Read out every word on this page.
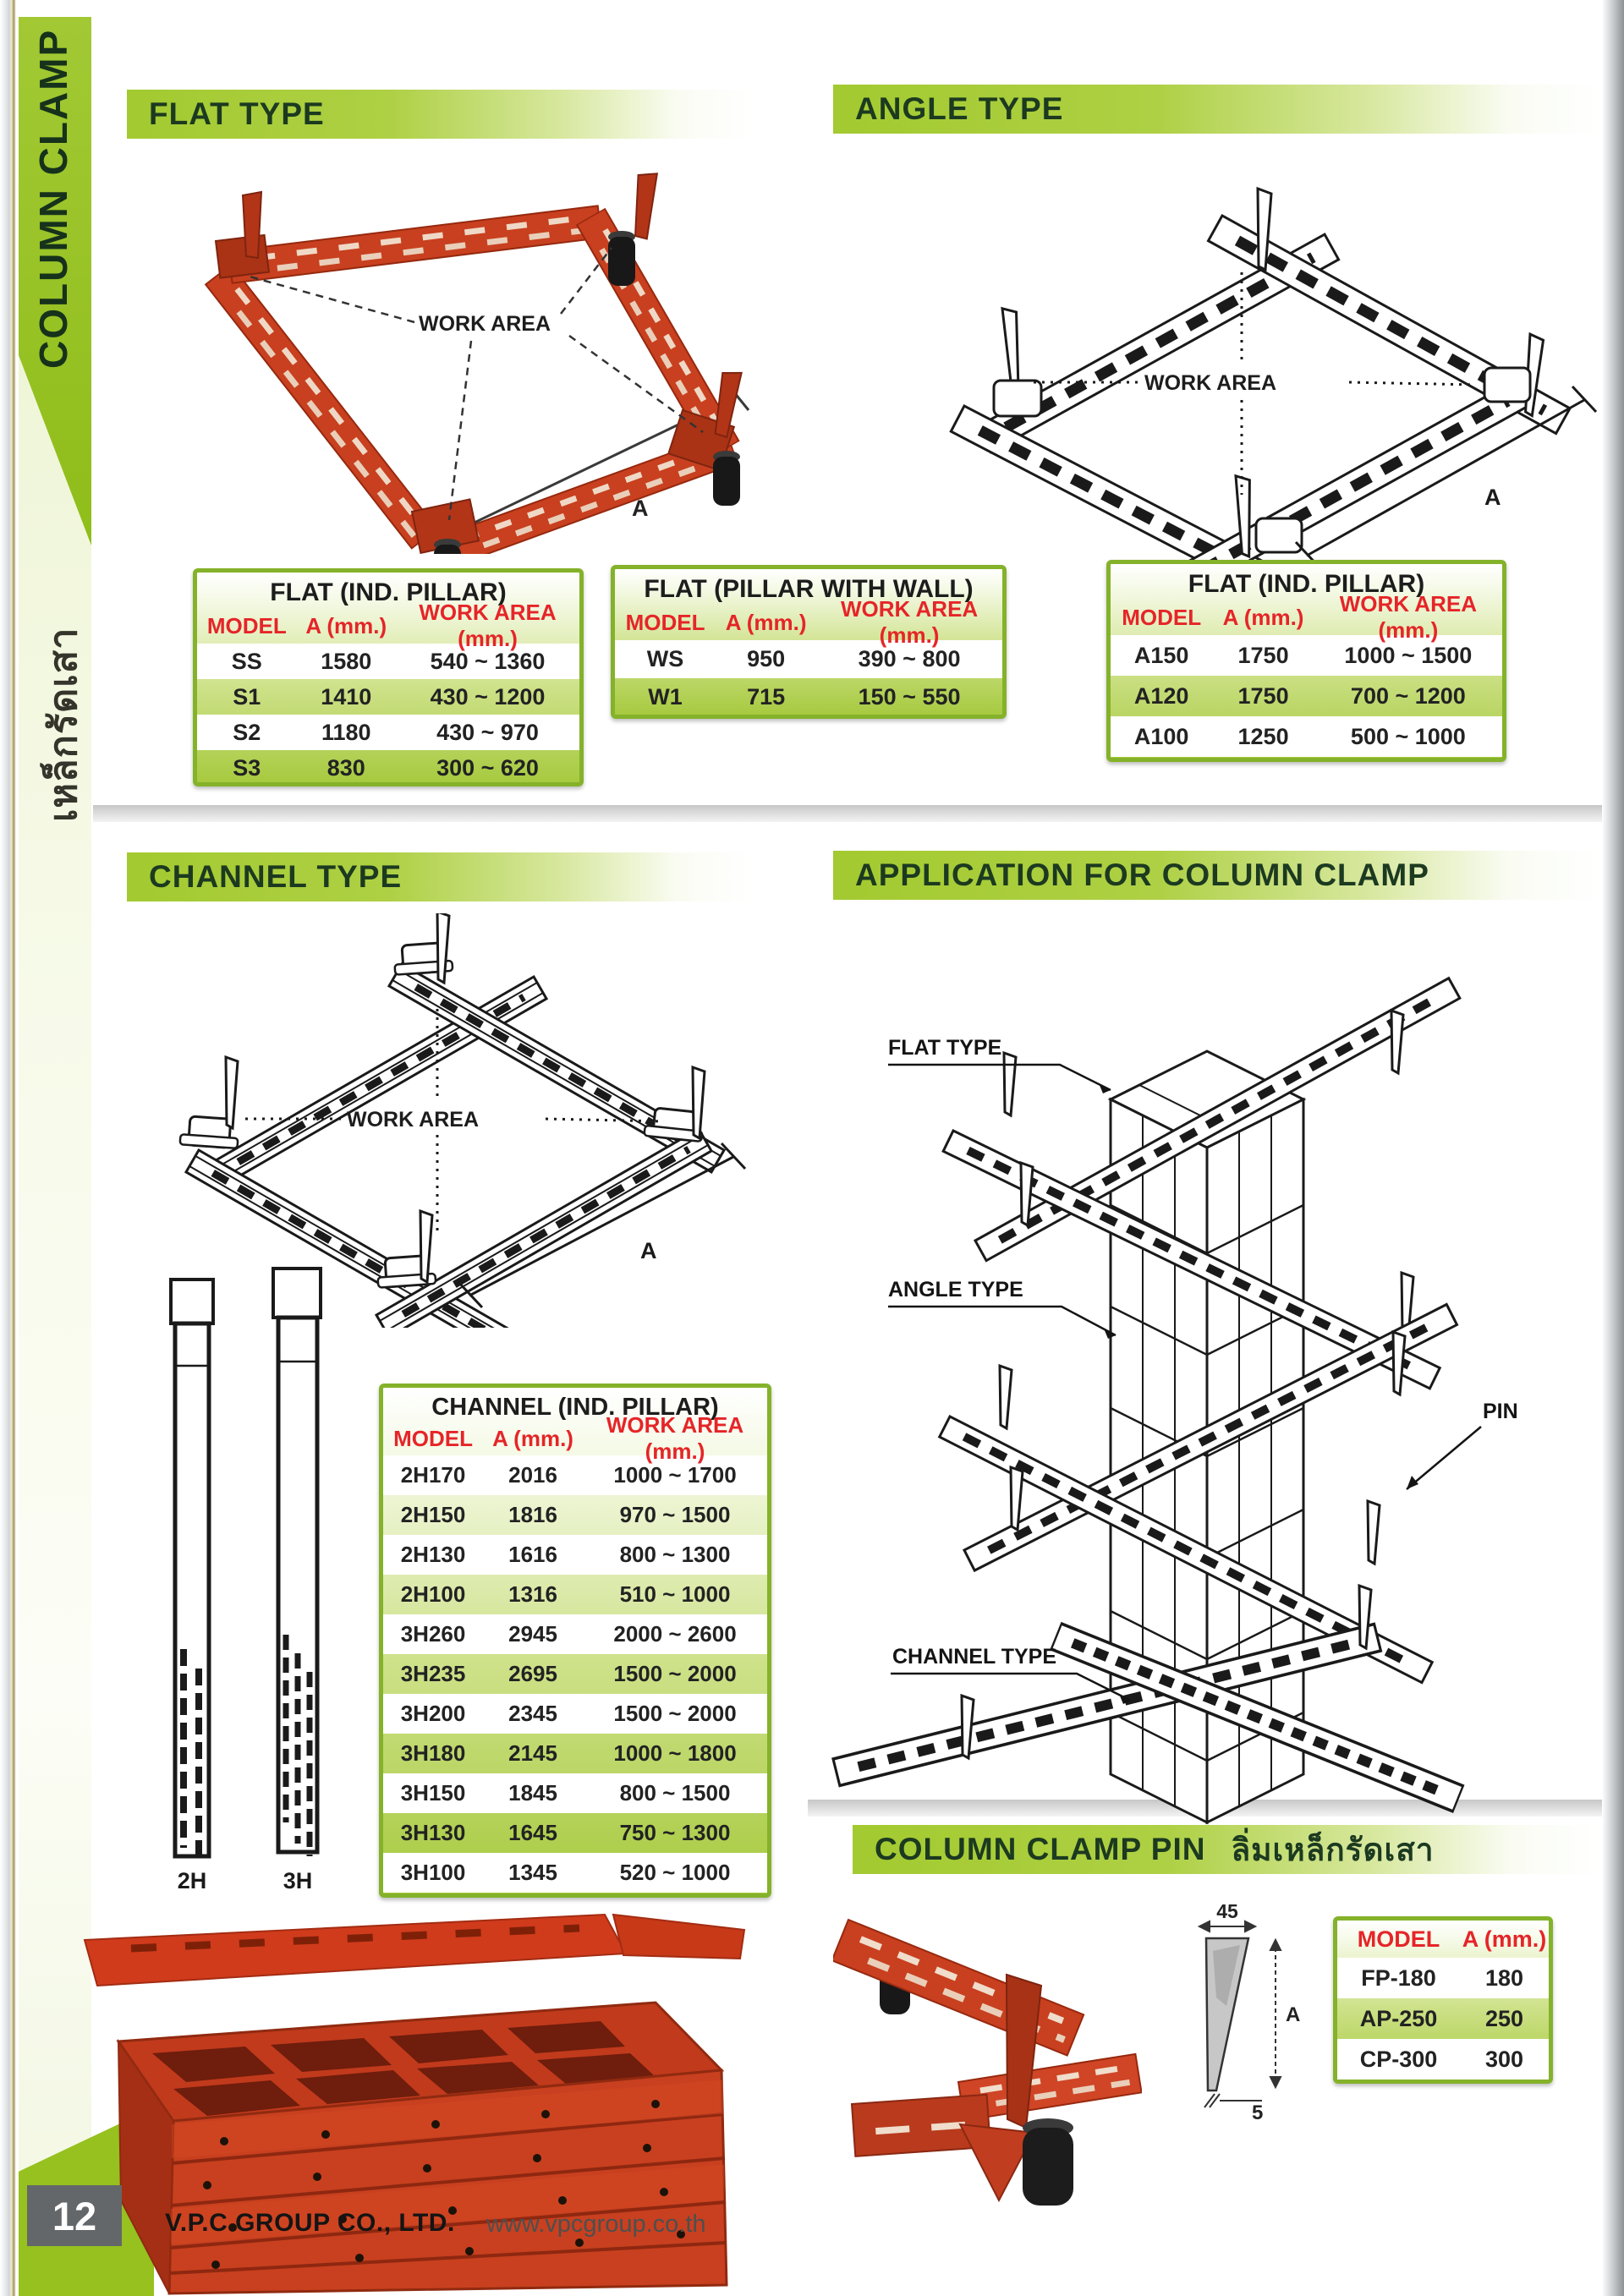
COLUMN CLAMP
เหล็กรัดเสา
FLAT TYPE	ANGLE TYPE
CHANNEL TYPE	APPLICATION FOR COLUMN CLAMP
COLUMN CLAMP PIN ลิ่มเหล็กรัดเสา
A
WORK AREA
WORK AREA
A
FLAT (IND. PILLAR)
MODEL A (mm.)
WORK AREA (mm.)
SS	1580	540 ~ 1360
S1	1410	430 ~ 1200
S2	1180	430 ~ 970
S3	830	300 ~ 620
FLAT (PILLAR WITH WALL)
MODEL A (mm.)
WORK AREA (mm.)
WS	950	390 ~ 800
W1	715	150 ~ 550
FLAT (IND. PILLAR)
MODEL A (mm.)
WORK AREA (mm.)
A150	1750	1000 ~ 1500
A120	1750	700 ~ 1200
A100	1250	500 ~ 1000
WORK AREA
A
2H	3H
CHANNEL (IND. PILLAR)
MODEL A (mm.)
WORK AREA (mm.)
2H170	2016	1000 ~ 1700
2H150	1816	970 ~ 1500
2H130	1616	800 ~ 1300
2H100	1316	510 ~ 1000
3H260	2945	2000 ~ 2600
3H235	2695	1500 ~ 2000
3H200	2345	1500 ~ 2000
3H180	2145	1000 ~ 1800
3H150	1845	800 ~ 1500
3H130	1645	750 ~ 1300
3H100	1345	520 ~ 1000
FLAT TYPE
ANGLE TYPE
PIN
CHANNEL TYPE
45
A
5
MODEL A (mm.)
FP-180	180
AP-250	250
CP-300	300
12	V.P.C GROUP CO., LTD. www.vpcgroup.co.th
